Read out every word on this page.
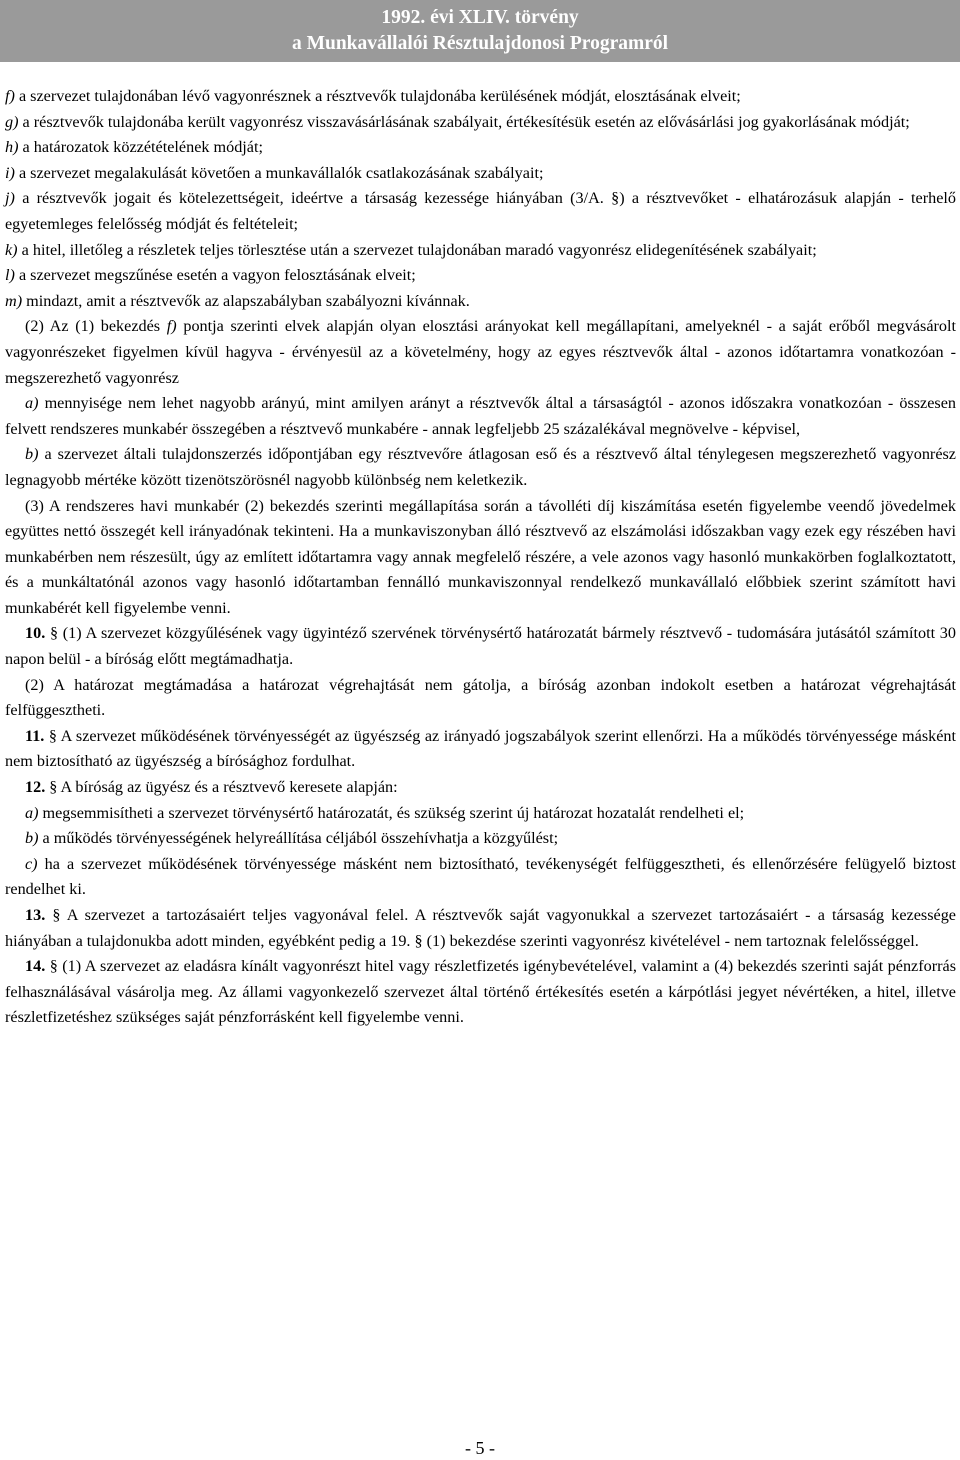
1992. évi XLIV. törvény
a Munkavállalói Résztulajdonosi Programról

f) a szervezet tulajdonában lévő vagyonrésznek a résztvevők tulajdonába kerülésének módját, elosztásának elveit;

g) a résztvevők tulajdonába került vagyonrész visszavásárlásának szabályait, értékesítésük esetén az elővásárlási jog gyakorlásának módját;

h) a határozatok közzétételének módját;

i) a szervezet megalakulását követően a munkavállalók csatlakozásának szabályait;

j) a résztvevők jogait és kötelezettségeit, ideértve a társaság kezessége hiányában (3/A. §) a résztvevőket - elhatározásuk alapján - terhelő egyetemleges felelősség módját és feltételeit;

k) a hitel, illetőleg a részletek teljes törlesztése után a szervezet tulajdonában maradó vagyonrész elidegenítésének szabályait;

l) a szervezet megszűnése esetén a vagyon felosztásának elveit;

m) mindazt, amit a résztvevők az alapszabályban szabályozni kívánnak.

(2) Az (1) bekezdés f) pontja szerinti elvek alapján olyan elosztási arányokat kell megállapítani, amelyeknél - a saját erőből megvásárolt vagyonrészeket figyelmen kívül hagyva - érvényesül az a követelmény, hogy az egyes résztvevők által - azonos időtartamra vonatkozóan - megszerezhető vagyonrész

a) mennyisége nem lehet nagyobb arányú, mint amilyen arányt a résztvevők által a társaságtól - azonos időszakra vonatkozóan - összesen felvett rendszeres munkabér összegében a résztvevő munkabére - annak legfeljebb 25 százalékával megnövelve - képvisel,

b) a szervezet általi tulajdonszerzés időpontjában egy résztvevőre átlagosan eső és a résztvevő által ténylegesen megszerezhető vagyonrész legnagyobb mértéke között tizenötszörösnél nagyobb különbség nem keletkezik.

(3) A rendszeres havi munkabér (2) bekezdés szerinti megállapítása során a távolléti díj kiszámítása esetén figyelembe veendő jövedelmek együttes nettó összegét kell irányadónak tekinteni. Ha a munkaviszonyban álló résztvevő az elszámolási időszakban vagy ezek egy részében havi munkabérben nem részesült, úgy az említett időtartamra vagy annak megfelelő részére, a vele azonos vagy hasonló munkakörben foglalkoztatott, és a munkáltatónál azonos vagy hasonló időtartamban fennálló munkaviszonnyal rendelkező munkavállaló előbbiek szerint számított havi munkabérét kell figyelembe venni.

10. § (1) A szervezet közgyűlésének vagy ügyintéző szervének törvénysértő határozatát bármely résztvevő - tudomására jutásától számított 30 napon belül - a bíróság előtt megtámadhatja.

(2) A határozat megtámadása a határozat végrehajtását nem gátolja, a bíróság azonban indokolt esetben a határozat végrehajtását felfüggesztheti.

11. § A szervezet működésének törvényességét az ügyészség az irányadó jogszabályok szerint ellenőrzi. Ha a működés törvényessége másként nem biztosítható az ügyészség a bírósághoz fordulhat.

12. § A bíróság az ügyész és a résztvevő keresete alapján:

a) megsemmisítheti a szervezet törvénysértő határozatát, és szükség szerint új határozat hozatalát rendelheti el;

b) a működés törvényességének helyreállítása céljából összehívhatja a közgyűlést;

c) ha a szervezet működésének törvényessége másként nem biztosítható, tevékenységét felfüggesztheti, és ellenőrzésére felügyelő biztost rendelhet ki.

13. § A szervezet a tartozásaiért teljes vagyonával felel. A résztvevők saját vagyonukkal a szervezet tartozásaiért - a társaság kezessége hiányában a tulajdonukba adott minden, egyébként pedig a 19. § (1) bekezdése szerinti vagyonrész kivételével - nem tartoznak felelősséggel.

14. § (1) A szervezet az eladásra kínált vagyonrészt hitel vagy részletfizetés igénybevételével, valamint a (4) bekezdés szerinti saját pénzforrás felhasználásával vásárolja meg. Az állami vagyonkezelő szervezet által történő értékesítés esetén a kárpótlási jegyet névértéken, a hitel, illetve részletfizetéshez szükséges saját pénzforrásként kell figyelembe venni.

- 5 -
